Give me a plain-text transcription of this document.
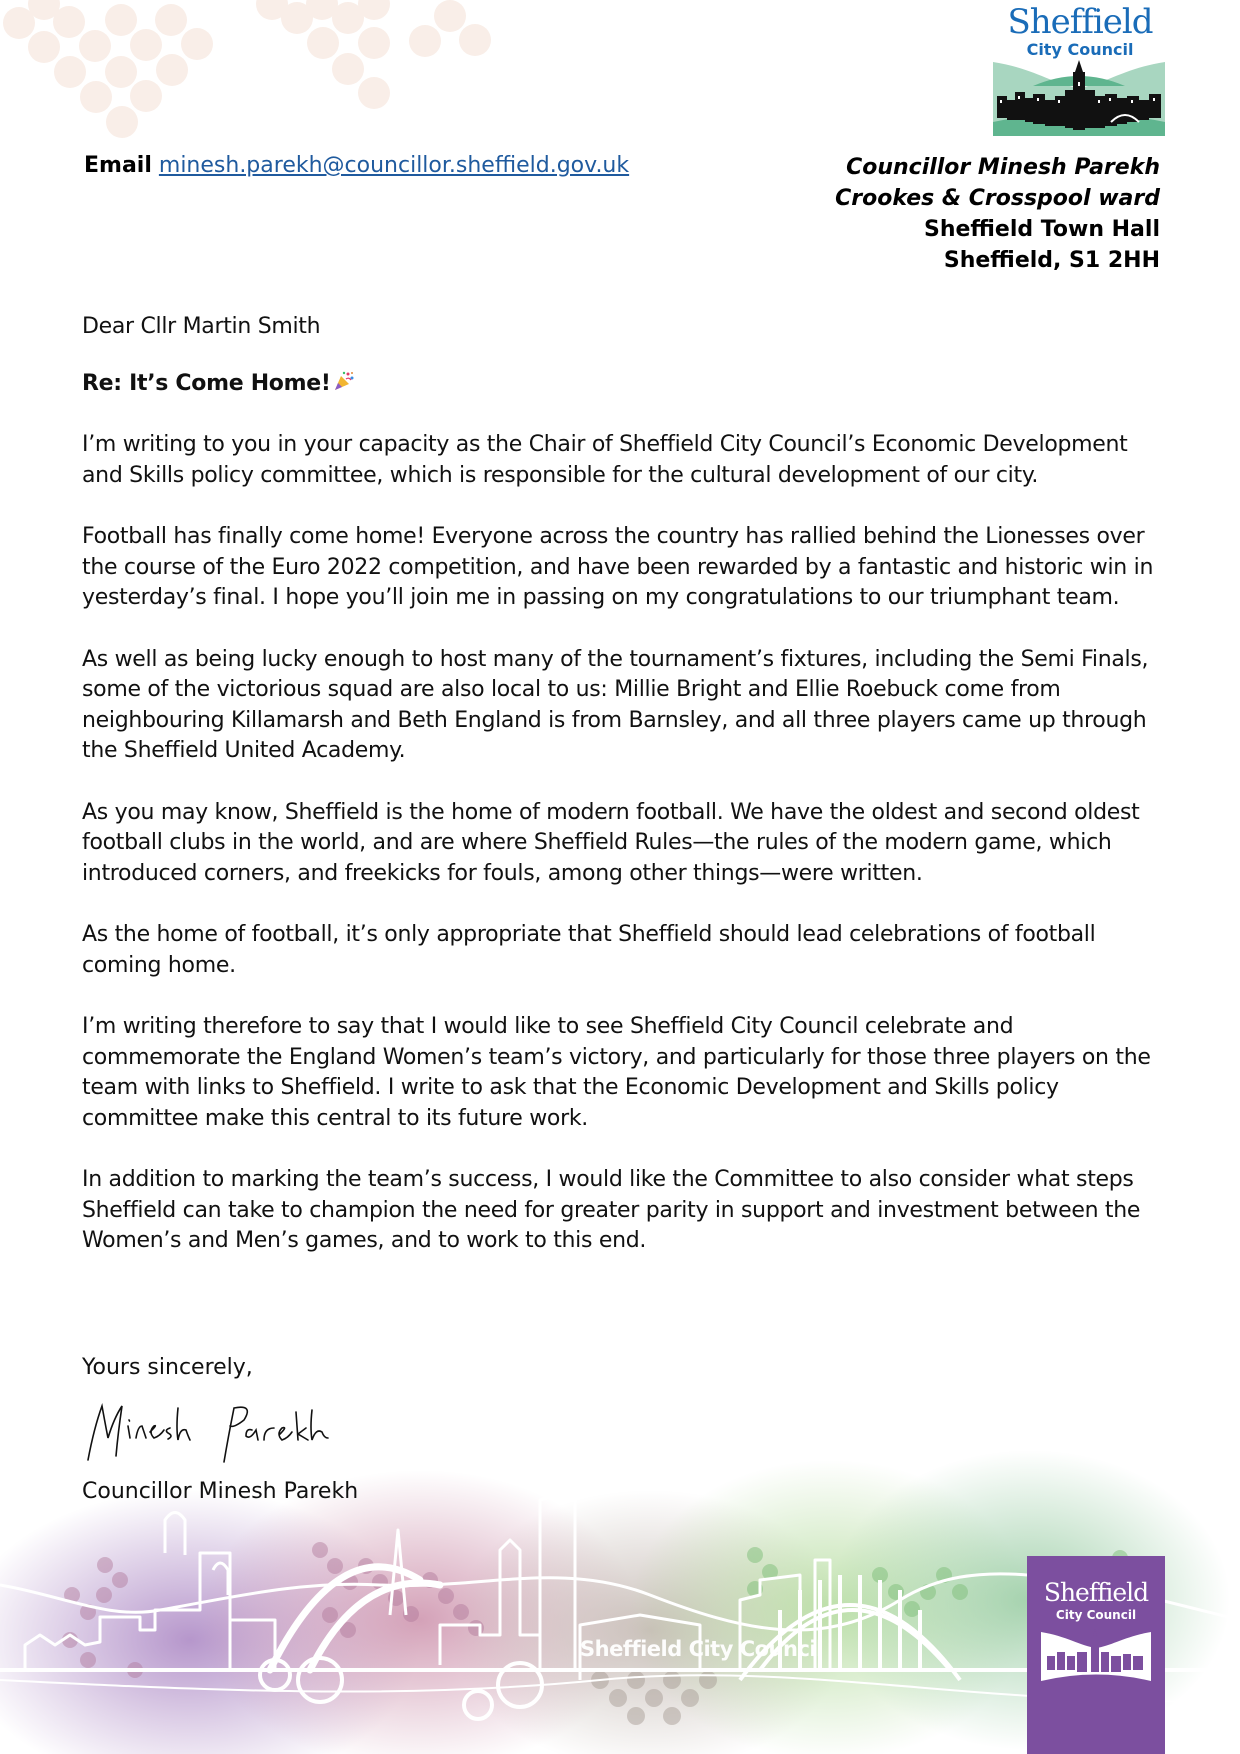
Sheffield
City Council
Email minesh.parekh@councillor.sheffield.gov.uk	Councillor Minesh Parekh
Crookes & Crosspool ward
Sheffield Town Hall
Sheffield, S1 2HH

Dear Cllr Martin Smith

Re: It’s Come Home!

I’m writing to you in your capacity as the Chair of Sheffield City Council’s Economic Development and Skills policy committee, which is responsible for the cultural development of our city.

Football has finally come home! Everyone across the country has rallied behind the Lionesses over the course of the Euro 2022 competition, and have been rewarded by a fantastic and historic win in yesterday’s final. I hope you’ll join me in passing on my congratulations to our triumphant team.

As well as being lucky enough to host many of the tournament’s fixtures, including the Semi Finals, some of the victorious squad are also local to us: Millie Bright and Ellie Roebuck come from neighbouring Killamarsh and Beth England is from Barnsley, and all three players came up through the Sheffield United Academy.

As you may know, Sheffield is the home of modern football. We have the oldest and second oldest football clubs in the world, and are where Sheffield Rules—the rules of the modern game, which introduced corners, and freekicks for fouls, among other things—were written.

As the home of football, it’s only appropriate that Sheffield should lead celebrations of football coming home.

I’m writing therefore to say that I would like to see Sheffield City Council celebrate and commemorate the England Women’s team’s victory, and particularly for those three players on the team with links to Sheffield. I write to ask that the Economic Development and Skills policy committee make this central to its future work.

In addition to marking the team’s success, I would like the Committee to also consider what steps Sheffield can take to champion the need for greater parity in support and investment between the Women’s and Men’s games, and to work to this end.

Sheffield City Council
Sheffield
City Council
Yours sincerely,
Councillor Minesh Parekh
